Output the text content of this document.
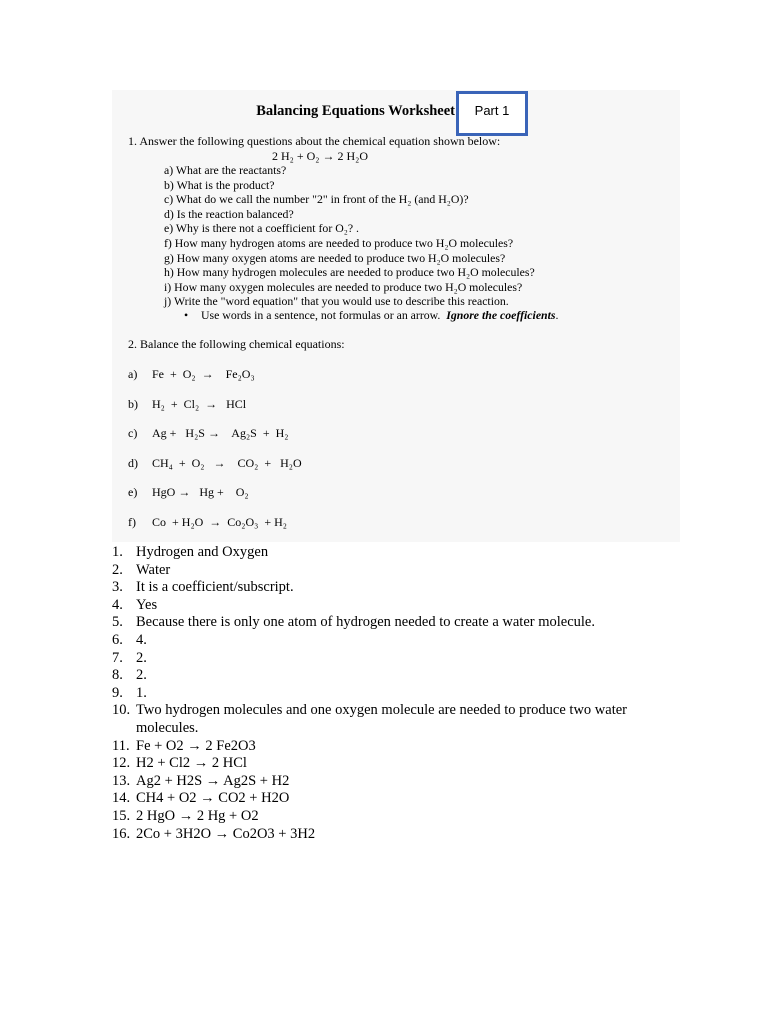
Balancing Equations Worksheet	Part 1
1. Answer the following questions about the chemical equation shown below:
2 H₂ + O₂ → 2 H₂O
a) What are the reactants?
b) What is the product?
c) What do we call the number "2" in front of the H₂ (and H₂O)?
d) Is the reaction balanced?
e) Why is there not a coefficient for O₂? .
f) How many hydrogen atoms are needed to produce two H₂O molecules?
g) How many oxygen atoms are needed to produce two H₂O molecules?
h) How many hydrogen molecules are needed to produce two H₂O molecules?
i) How many oxygen molecules are needed to produce two H₂O molecules?
j) Write the "word equation" that you would use to describe this reaction.
• Use words in a sentence, not formulas or an arrow. Ignore the coefficients.
2. Balance the following chemical equations:
a) Fe  +  O₂  →    Fe₂O₃
b) H₂  +  Cl₂  →   HCl
c) Ag +   H₂S →    Ag₂S  +  H₂
d) CH₄  +  O₂   →    CO₂  +   H₂O
e) HgO →   Hg +    O₂
f) Co  + H₂O  →  Co₂O₃  + H₂
1. Hydrogen and Oxygen
2. Water
3. It is a coefficient/subscript.
4. Yes
5. Because there is only one atom of hydrogen needed to create a water molecule.
6. 4.
7. 2.
8. 2.
9. 1.
10. Two hydrogen molecules and one oxygen molecule are needed to produce two water molecules.
11. Fe + O2 → 2 Fe2O3
12. H2 + Cl2 → 2 HCl
13. Ag2 + H2S → Ag2S + H2
14. CH4 + O2 → CO2 + H2O
15. 2 HgO → 2 Hg + O2
16. 2Co + 3H2O → Co2O3 + 3H2
